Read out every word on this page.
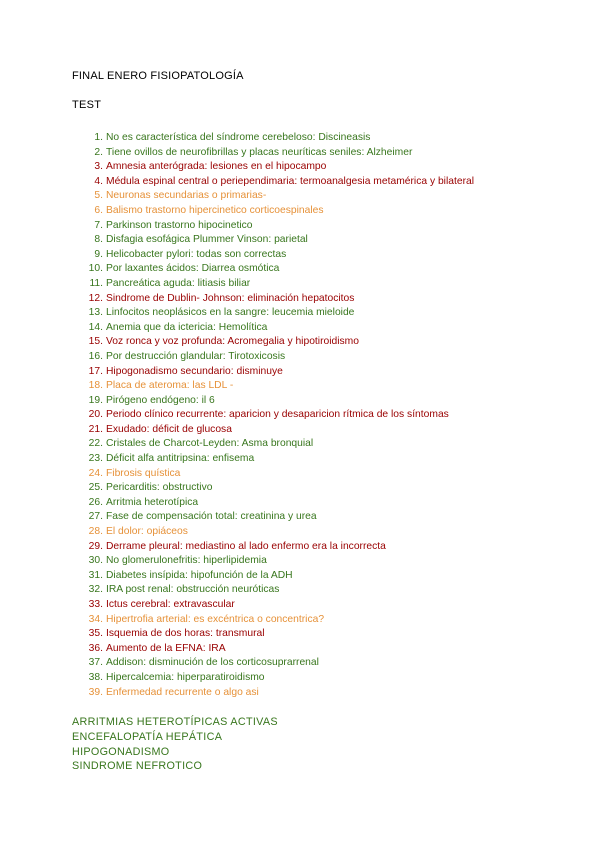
FINAL ENERO FISIOPATOLOGÍA
TEST
1. No es característica del síndrome cerebeloso: Discineasis
2. Tiene ovillos de neurofibrillas y placas neuríticas seniles: Alzheimer
3. Amnesia anterógrada: lesiones en el hipocampo
4. Médula espinal central o periependimaria: termoanalgesia metamérica y bilateral
5. Neuronas secundarias o primarias-
6. Balismo trastorno hipercinetico corticoespinales
7. Parkinson trastorno hipocinetico
8. Disfagia esofágica Plummer Vinson: parietal
9. Helicobacter pylori: todas son correctas
10. Por laxantes ácidos: Diarrea osmótica
11. Pancreática aguda: litiasis biliar
12. Sindrome de Dublin- Johnson: eliminación hepatocitos
13. Linfocitos neoplásicos en la sangre: leucemia mieloide
14. Anemia que da ictericia: Hemolítica
15. Voz ronca y voz profunda: Acromegalia y hipotiroidismo
16. Por destrucción glandular: Tirotoxicosis
17. Hipogonadismo secundario: disminuye
18. Placa de ateroma: las LDL -
19. Pirógeno endógeno: il 6
20. Periodo clínico recurrente: aparicion y desaparicion rítmica de los síntomas
21. Exudado: déficit de glucosa
22. Cristales de Charcot-Leyden: Asma bronquial
23. Déficit alfa antitripsina: enfisema
24. Fibrosis quística
25. Pericarditis: obstructivo
26. Arritmia heterotípica
27. Fase de compensación total: creatinina y urea
28. El dolor: opiáceos
29. Derrame pleural: mediastino al lado enfermo era la incorrecta
30. No glomerulonefritis: hiperlipidemia
31. Diabetes insípida: hipofunción de la ADH
32. IRA post renal: obstrucción neuróticas
33. Ictus cerebral: extravascular
34. Hipertrofia arterial: es excéntrica o concentrica?
35. Isquemia de dos horas: transmural
36. Aumento de la EFNA: IRA
37. Addison: disminución de los corticosuprarrenal
38. Hipercalcemia: hiperparatiroidismo
39. Enfermedad recurrente o algo asi
ARRITMIAS HETEROTÍPICAS ACTIVAS
ENCEFALOPATÍA HEPÁTICA
HIPOGONADISMO
SINDROME NEFROTICO
